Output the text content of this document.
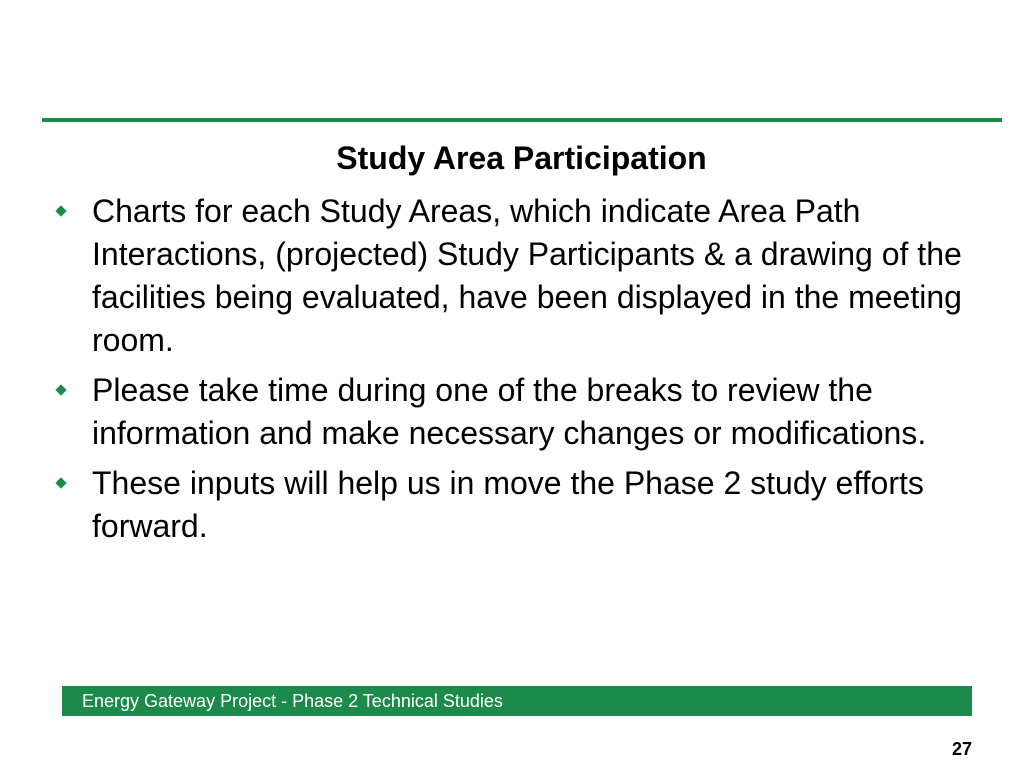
Study Area Participation
Charts for each Study Areas, which indicate Area Path Interactions, (projected) Study Participants & a drawing of the facilities being evaluated, have been displayed in the meeting room.
Please take time during one of the breaks to review the information and make necessary changes or modifications.
These inputs will help us in move the Phase 2 study efforts forward.
Energy Gateway Project - Phase 2 Technical Studies
27
